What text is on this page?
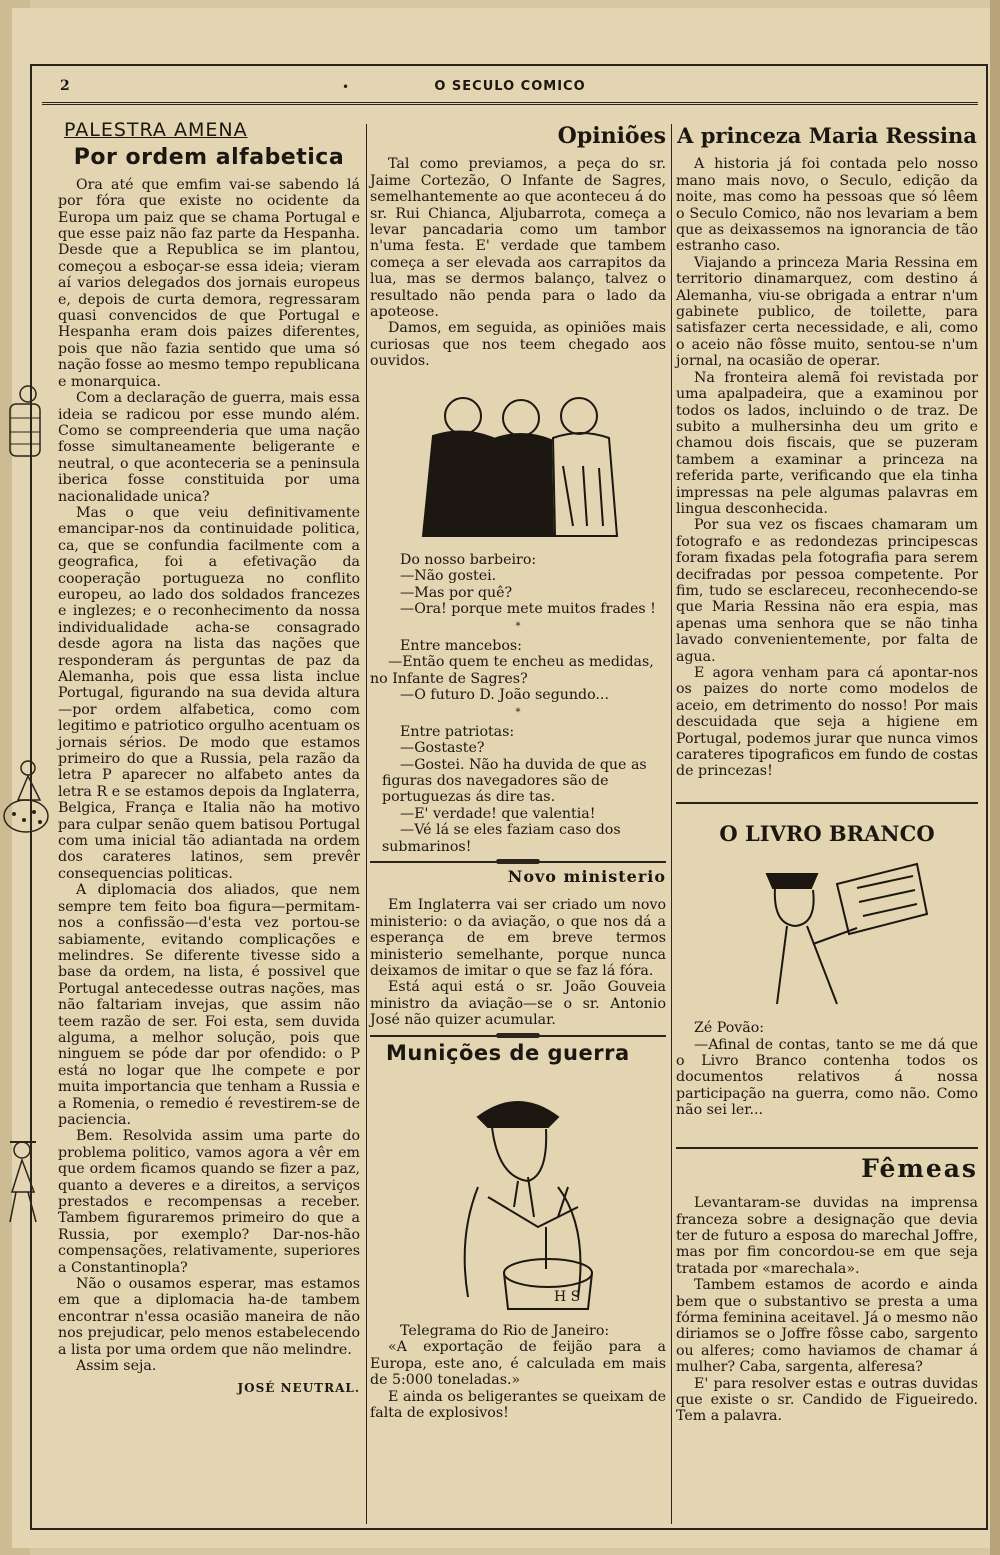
2	•	O SECULO COMICO
PALESTRA AMENA
Por ordem alfabetica

Ora até que emfim vai-se sabendo lá por fóra que existe no ocidente da Europa um paiz que se chama Portugal e que esse paiz não faz parte da Hespanha. Desde que a Republica se im plantou, começou a esboçar-se essa ideia; vieram aí varios delegados dos jornais europeus e, depois de curta demora, regressaram quasi convencidos de que Portugal e Hespanha eram dois paizes diferentes, pois que não fazia sentido que uma só nação fosse ao mesmo tempo republicana e monarquica.

Com a declaração de guerra, mais essa ideia se radicou por esse mundo além. Como se compreenderia que uma nação fosse simultaneamente beligerante e neutral, o que aconteceria se a peninsula iberica fosse constituida por uma nacionalidade unica?

Mas o que veiu definitivamente emancipar-nos da continuidade politica, ca, que se confundia facilmente com a geografica, foi a efetivação da cooperação portugueza no conflito europeu, ao lado dos soldados francezes e inglezes; e o reconhecimento da nossa individualidade acha-se consagrado desde agora na lista das nações que responderam ás perguntas de paz da Alemanha, pois que essa lista inclue Portugal, figurando na sua devida altura—por ordem alfabetica, como com legitimo e patriotico orgulho acentuam os jornais sérios. De modo que estamos primeiro do que a Russia, pela razão da letra P aparecer no alfabeto antes da letra R e se estamos depois da Inglaterra, Belgica, França e Italia não ha motivo para culpar senão quem batisou Portugal com uma inicial tão adiantada na ordem dos carateres latinos, sem prevêr consequencias politicas.

A diplomacia dos aliados, que nem sempre tem feito boa figura—permitam-nos a confissão—d'esta vez portou-se sabiamente, evitando complicações e melindres. Se diferente tivesse sido a base da ordem, na lista, é possivel que Portugal antecedesse outras nações, mas não faltariam invejas, que assim não teem razão de ser. Foi esta, sem duvida alguma, a melhor solução, pois que ninguem se póde dar por ofendido: o P está no logar que lhe compete e por muita importancia que tenham a Russia e a Romenia, o remedio é revestirem-se de paciencia.

Bem. Resolvida assim uma parte do problema politico, vamos agora a vêr em que ordem ficamos quando se fizer a paz, quanto a deveres e a direitos, a serviços prestados e recompensas a receber. Tambem figuraremos primeiro do que a Russia, por exemplo? Dar-nos-hão compensações, relativamente, superiores a Constantinopla?

Não o ousamos esperar, mas estamos em que a diplomacia ha-de tambem encontrar n'essa ocasião maneira de não nos prejudicar, pelo menos estabelecendo a lista por uma ordem que não melindre.

Assim seja.

JOSÉ NEUTRAL.
Opiniões

Tal como previamos, a peça do sr. Jaime Cortezão, O Infante de Sagres, semelhantemente ao que aconteceu á do sr. Rui Chianca, Aljubarrota, começa a levar pancadaria como um tambor n'uma festa. E' verdade que tambem começa a ser elevada aos carrapitos da lua, mas se dermos balanço, talvez o resultado não penda para o lado da apoteose.

Damos, em seguida, as opiniões mais curiosas que nos teem chegado aos ouvidos.

Do nosso barbeiro:

—Não gostei.

—Mas por quê?

—Ora! porque mete muitos frades !

*

Entre mancebos:

—Então quem te encheu as medidas, no Infante de Sagres?

—O futuro D. João segundo...

*

Entre patriotas:

—Gostaste?

—Gostei. Não ha duvida de que as figuras dos navegadores são de portuguezas ás dire tas.

—E' verdade! que valentia!

—Vé lá se eles faziam caso dos submarinos!

Novo ministerio

Em Inglaterra vai ser criado um novo ministerio: o da aviação, o que nos dá a esperança de em breve termos ministerio semelhante, porque nunca deixamos de imitar o que se faz lá fóra.

Está aqui está o sr. João Gouveia ministro da aviação—se o sr. Antonio José não quizer acumular.

Munições de guerra
H S

Telegrama do Rio de Janeiro:

«A exportação de feijão para a Europa, este ano, é calculada em mais de 5:000 toneladas.»

E ainda os beligerantes se queixam de falta de explosivos!

A princeza Maria Ressina

A historia já foi contada pelo nosso mano mais novo, o Seculo, edição da noite, mas como ha pessoas que só lêem o Seculo Comico, não nos levariam a bem que as deixassemos na ignorancia de tão estranho caso.

Viajando a princeza Maria Ressina em territorio dinamarquez, com destino á Alemanha, viu-se obrigada a entrar n'um gabinete publico, de toilette, para satisfazer certa necessidade, e ali, como o aceio não fôsse muito, sentou-se n'um jornal, na ocasião de operar.

Na fronteira alemã foi revistada por uma apalpadeira, que a examinou por todos os lados, incluindo o de traz. De subito a mulhersinha deu um grito e chamou dois fiscais, que se puzeram tambem a examinar a princeza na referida parte, verificando que ela tinha impressas na pele algumas palavras em lingua desconhecida.

Por sua vez os fiscaes chamaram um fotografo e as redondezas principescas foram fixadas pela fotografia para serem decifradas por pessoa competente. Por fim, tudo se esclareceu, reconhecendo-se que Maria Ressina não era espia, mas apenas uma senhora que se não tinha lavado convenientemente, por falta de agua.

E agora venham para cá apontar-nos os paizes do norte como modelos de aceio, em detrimento do nosso! Por mais descuidada que seja a higiene em Portugal, podemos jurar que nunca vimos carateres tipograficos em fundo de costas de princezas!

O LIVRO BRANCO

Zé Povão:

—Afinal de contas, tanto se me dá que o Livro Branco contenha todos os documentos relativos á nossa participação na guerra, como não. Como não sei ler...

Fêmeas

Levantaram-se duvidas na imprensa franceza sobre a designação que devia ter de futuro a esposa do marechal Joffre, mas por fim concordou-se em que seja tratada por «marechala».

Tambem estamos de acordo e ainda bem que o substantivo se presta a uma fórma feminina aceitavel. Já o mesmo não diriamos se o Joffre fôsse cabo, sargento ou alferes; como haviamos de chamar á mulher? Caba, sargenta, alferesa?

E' para resolver estas e outras duvidas que existe o sr. Candido de Figueiredo. Tem a palavra.
